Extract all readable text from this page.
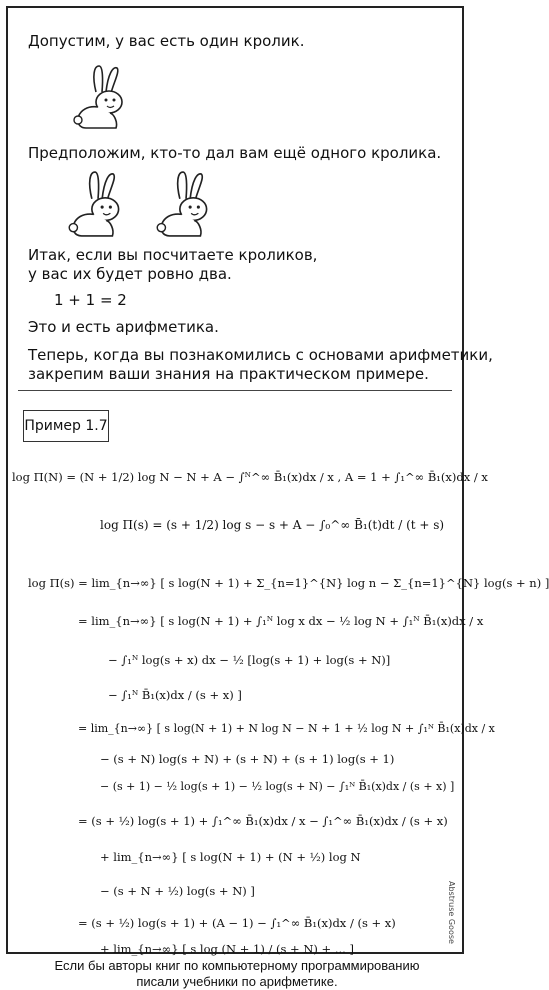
Допустим, у вас есть один кролик.
Предположим, кто-то дал вам ещё одного кролика.
Итак, если вы посчитаете кроликов,
у вас их будет ровно два.
1 + 1 = 2
Это и есть арифметика.
Теперь, когда вы познакомились с основами арифметики,
закрепим ваши знания на практическом примере.
Пример 1.7
log Π(N) = (N + 1/2) log N − N + A − ∫ᴺ^∞ B̄₁(x)dx / x , A = 1 + ∫₁^∞ B̄₁(x)dx / x
log Π(s) = (s + 1/2) log s − s + A − ∫₀^∞ B̄₁(t)dt / (t + s)
log Π(s) = lim_{n→∞} [ s log(N + 1) + Σ_{n=1}^{N} log n − Σ_{n=1}^{N} log(s + n) ]
= lim_{n→∞} [ s log(N + 1) + ∫₁ᴺ log x dx − ½ log N + ∫₁ᴺ B̄₁(x)dx / x
− ∫₁ᴺ log(s + x) dx − ½ [log(s + 1) + log(s + N)]
− ∫₁ᴺ B̄₁(x)dx / (s + x) ]
= lim_{n→∞} [ s log(N + 1) + N log N − N + 1 + ½ log N + ∫₁ᴺ B̄₁(x)dx / x
− (s + N) log(s + N) + (s + N) + (s + 1) log(s + 1)
− (s + 1) − ½ log(s + 1) − ½ log(s + N) − ∫₁ᴺ B̄₁(x)dx / (s + x) ]
= (s + ½) log(s + 1) + ∫₁^∞ B̄₁(x)dx / x − ∫₁^∞ B̄₁(x)dx / (s + x)
+ lim_{n→∞} [ s log(N + 1) + (N + ½) log N
− (s + N + ½) log(s + N) ]
= (s + ½) log(s + 1) + (A − 1) − ∫₁^∞ B̄₁(x)dx / (s + x)
+ lim_{n→∞} [ s log (N + 1) / (s + N) + ... ]
Abstruse Goose
Если бы авторы книг по компьютерному программированию
писали учебники по арифметике.
